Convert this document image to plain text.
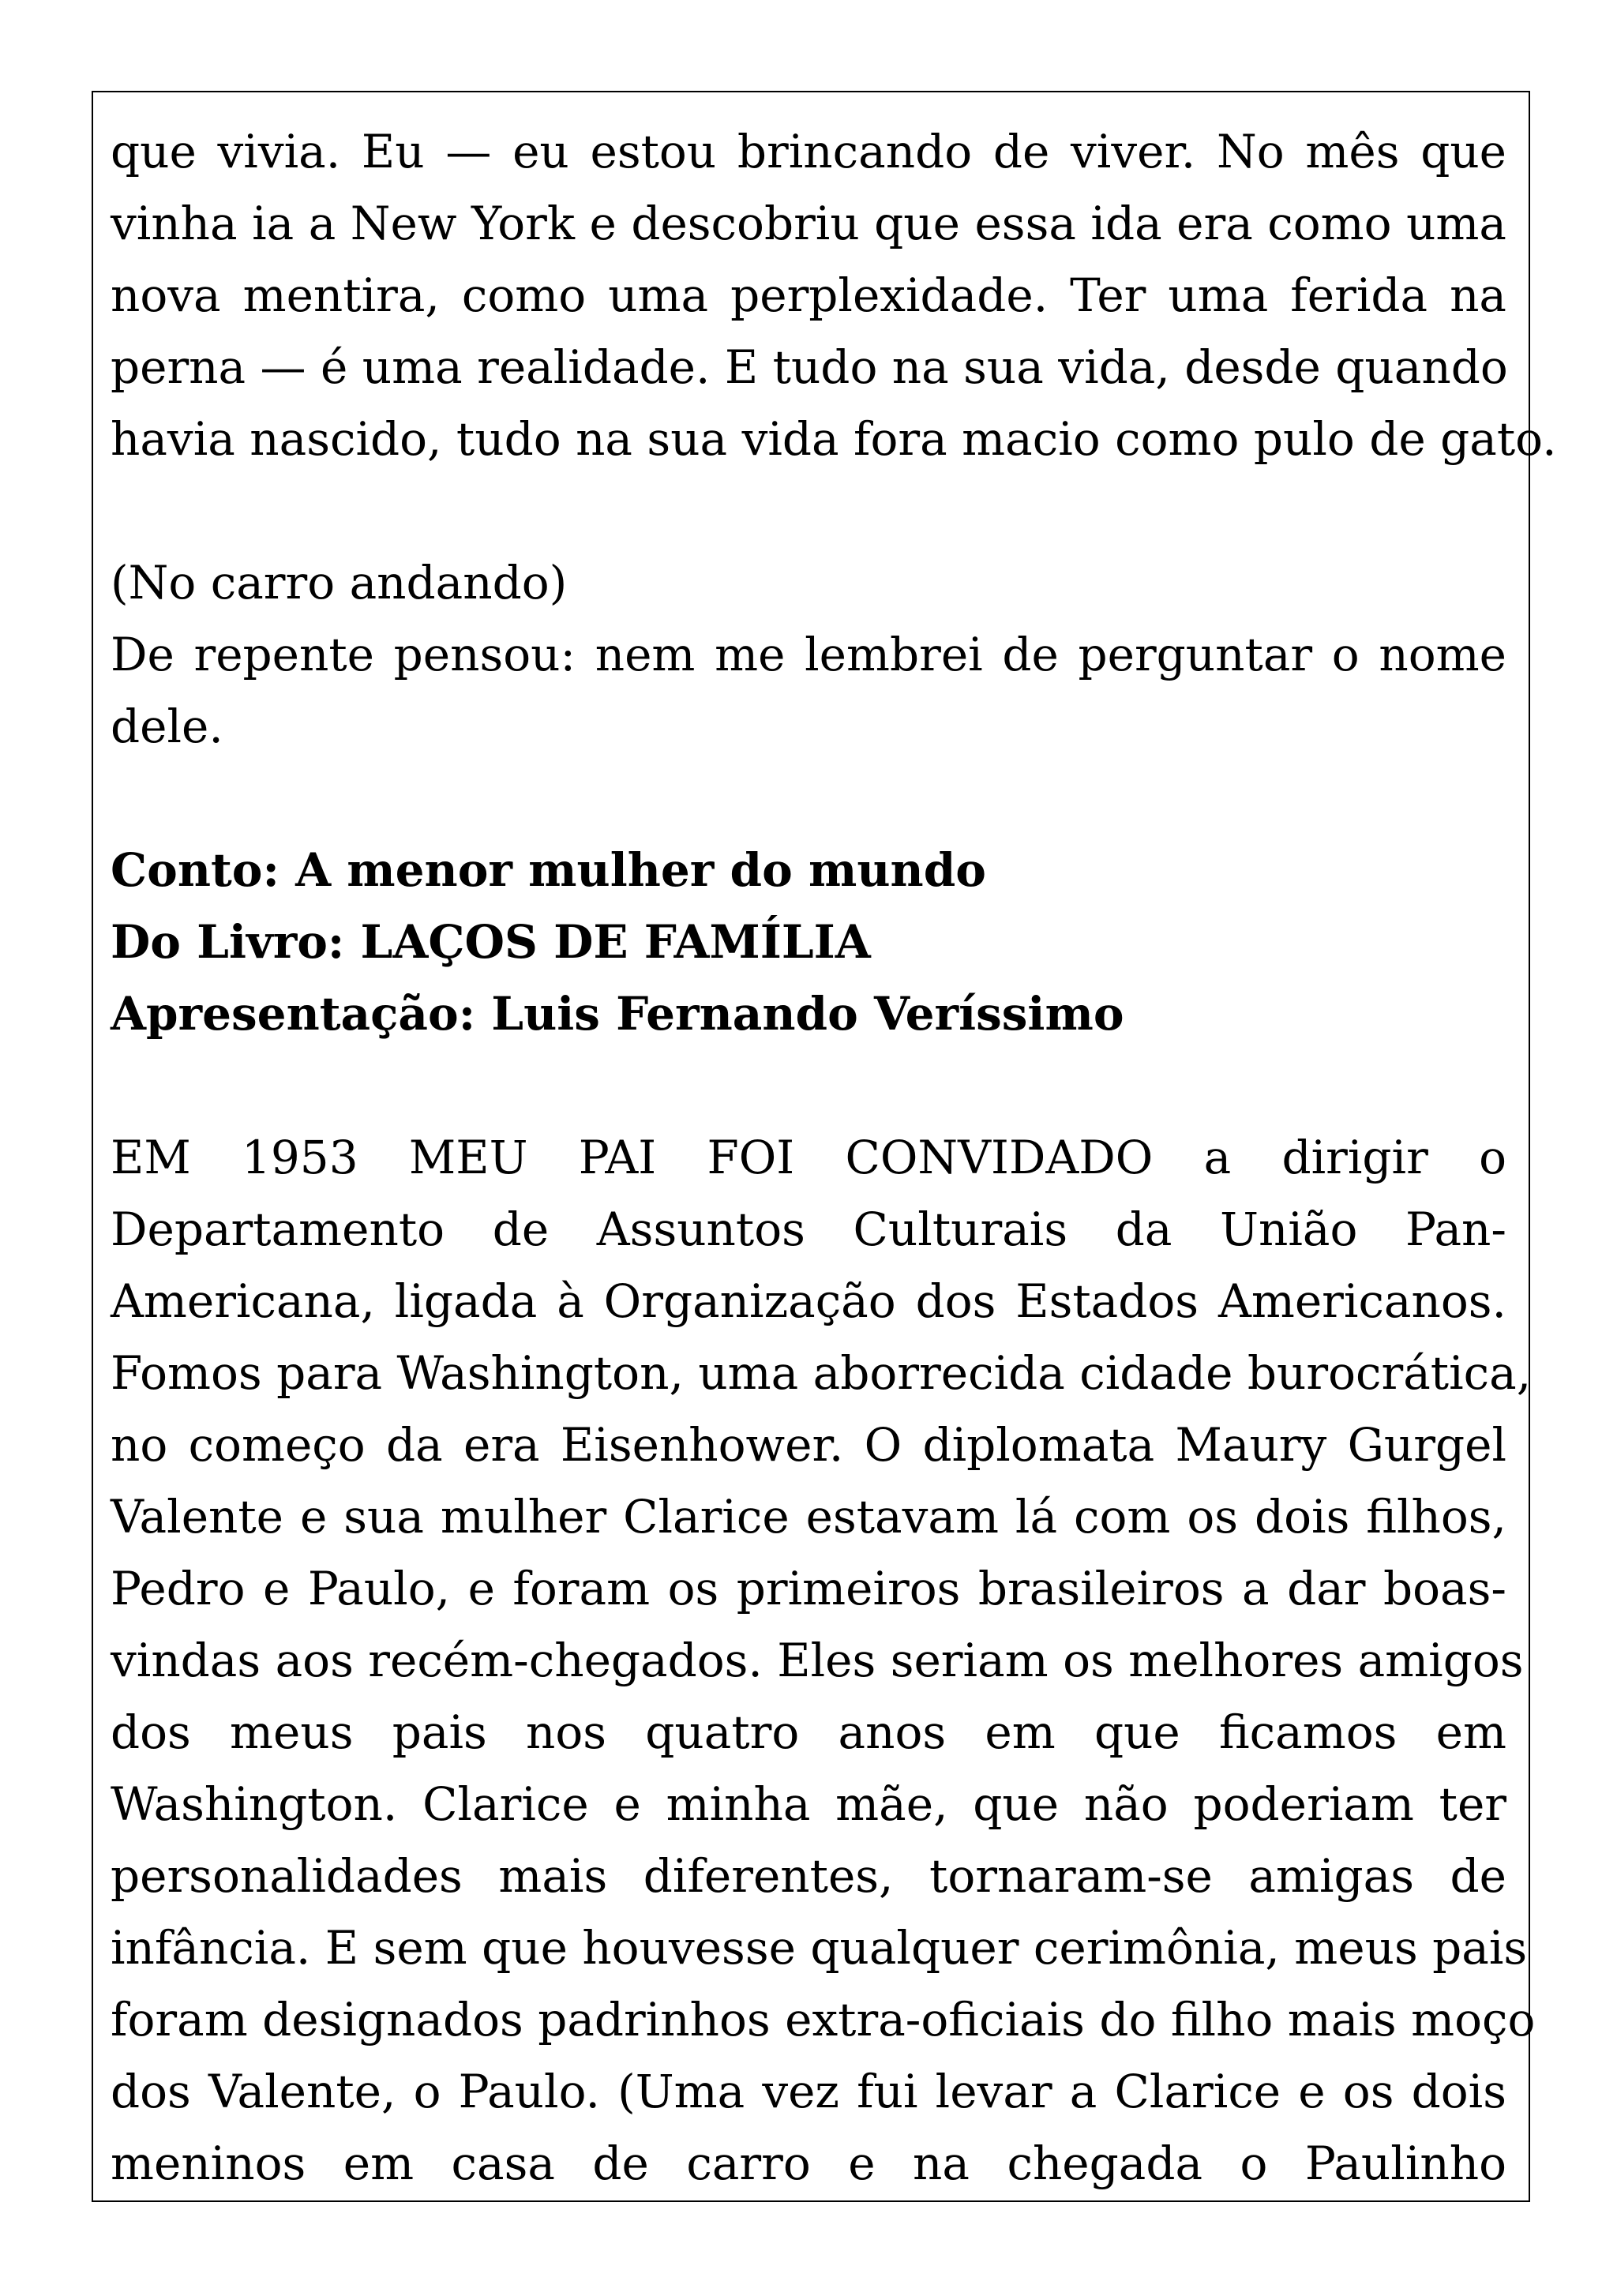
que vivia. Eu — eu estou brincando de viver. No mês que
vinha ia a New York e descobriu que essa ida era como uma
nova mentira, como uma perplexidade. Ter uma ferida na
perna — é uma realidade. E tudo na sua vida, desde quando
havia nascido, tudo na sua vida fora macio como pulo de gato.
(No carro andando)
De repente pensou: nem me lembrei de perguntar o nome
dele.
Conto: A menor mulher do mundo
Do Livro: LAÇOS DE FAMÍLIA
Apresentação: Luis Fernando Veríssimo
EM 1953 MEU PAI FOI CONVIDADO a dirigir o
Departamento de Assuntos Culturais da União Pan-
Americana, ligada à Organização dos Estados Americanos.
Fomos para Washington, uma aborrecida cidade burocrática,
no começo da era Eisenhower. O diplomata Maury Gurgel
Valente e sua mulher Clarice estavam lá com os dois filhos,
Pedro e Paulo, e foram os primeiros brasileiros a dar boas-
vindas aos recém-chegados. Eles seriam os melhores amigos
dos meus pais nos quatro anos em que ficamos em
Washington. Clarice e minha mãe, que não poderiam ter
personalidades mais diferentes, tornaram-se amigas de
infância. E sem que houvesse qualquer cerimônia, meus pais
foram designados padrinhos extra-oficiais do filho mais moço
dos Valente, o Paulo. (Uma vez fui levar a Clarice e os dois
meninos em casa de carro e na chegada o Paulinho
